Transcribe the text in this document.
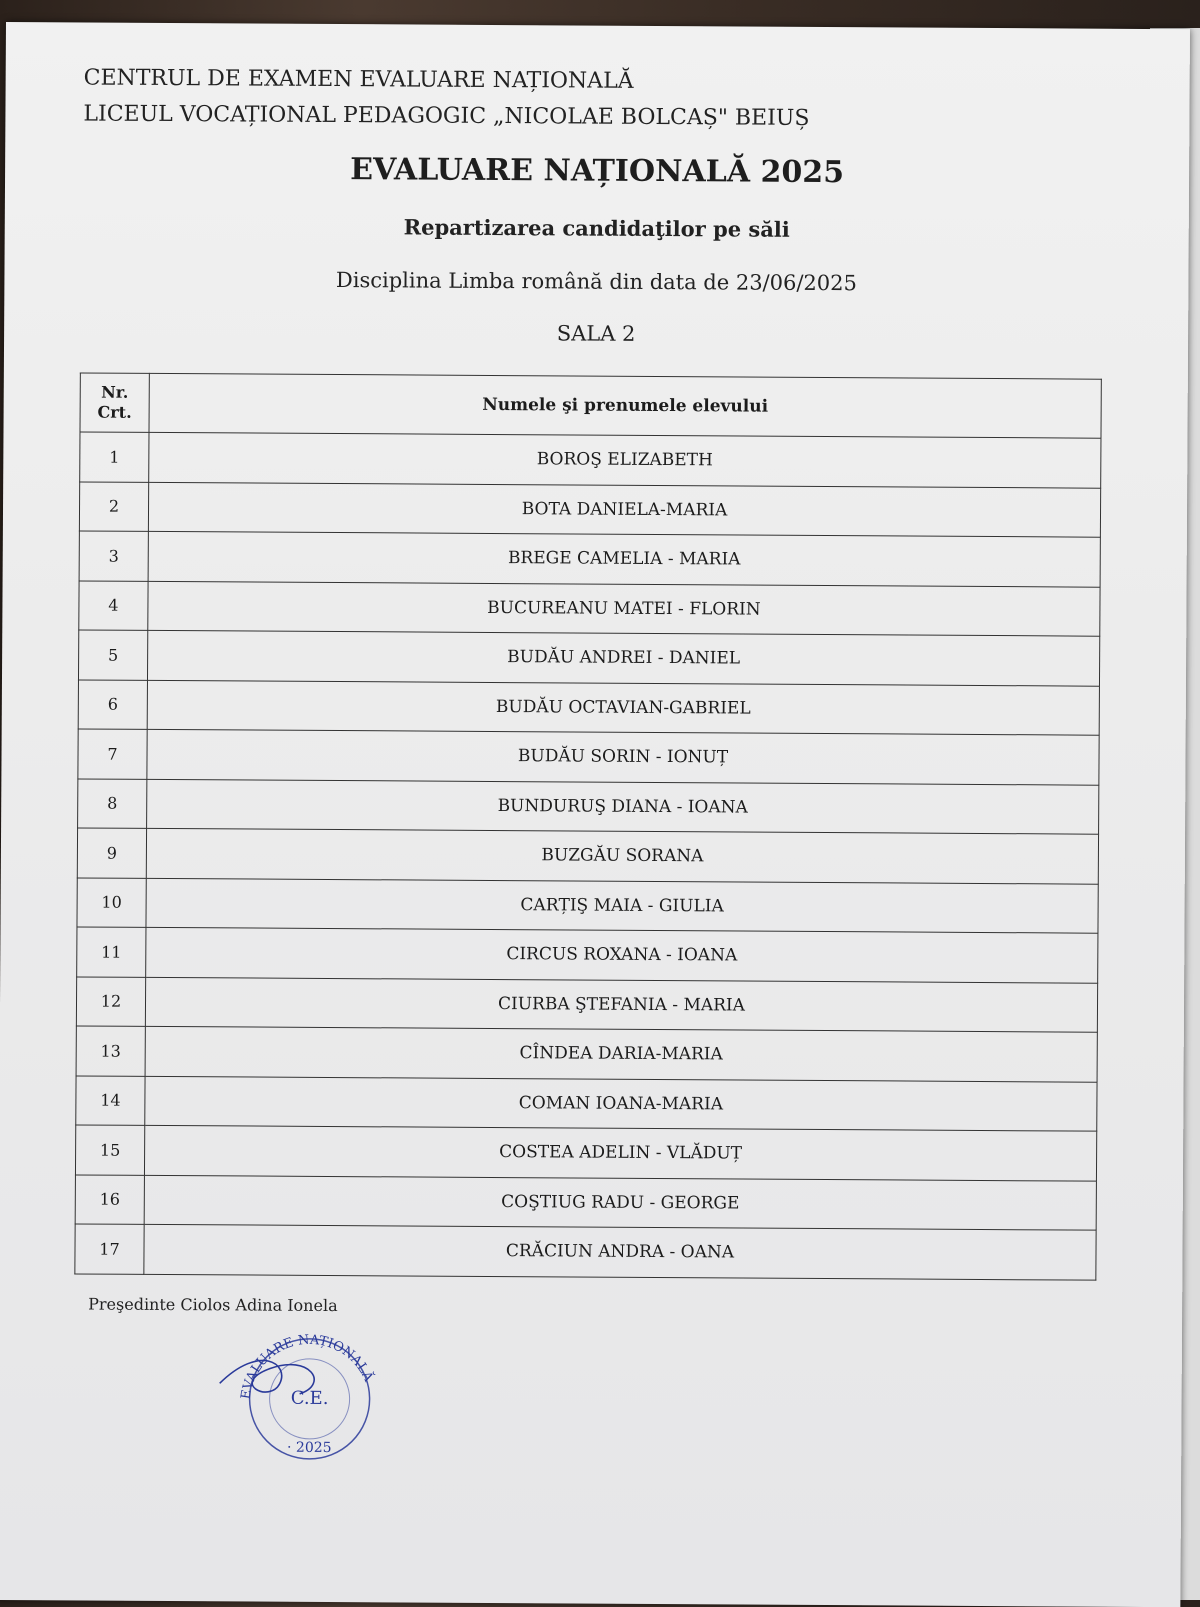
CENTRUL DE EXAMEN EVALUARE NAȚIONALĂ
LICEUL VOCAȚIONAL PEDAGOGIC „NICOLAE BOLCAȘ" BEIUȘ
EVALUARE NAȚIONALĂ 2025
Repartizarea candidaţilor pe săli
Disciplina Limba română din data de 23/06/2025
SALA 2
Nr.
Crt.	Numele şi prenumele elevului
1	BOROŞ ELIZABETH
2	BOTA DANIELA-MARIA
3	BREGE CAMELIA - MARIA
4	BUCUREANU MATEI - FLORIN
5	BUDĂU ANDREI - DANIEL
6	BUDĂU OCTAVIAN-GABRIEL
7	BUDĂU SORIN - IONUȚ
8	BUNDURUŞ DIANA - IOANA
9	BUZGĂU SORANA
10	CARȚIŞ MAIA - GIULIA
11	CIRCUS ROXANA - IOANA
12	CIURBA ŞTEFANIA - MARIA
13	CÎNDEA DARIA-MARIA
14	COMAN IOANA-MARIA
15	COSTEA ADELIN - VLĂDUȚ
16	COŞTIUG RADU - GEORGE
17	CRĂCIUN ANDRA - OANA
Preşedinte Ciolos Adina Ionela
EVALUARE NAȚIONALĂ
C.E.
· 2025
